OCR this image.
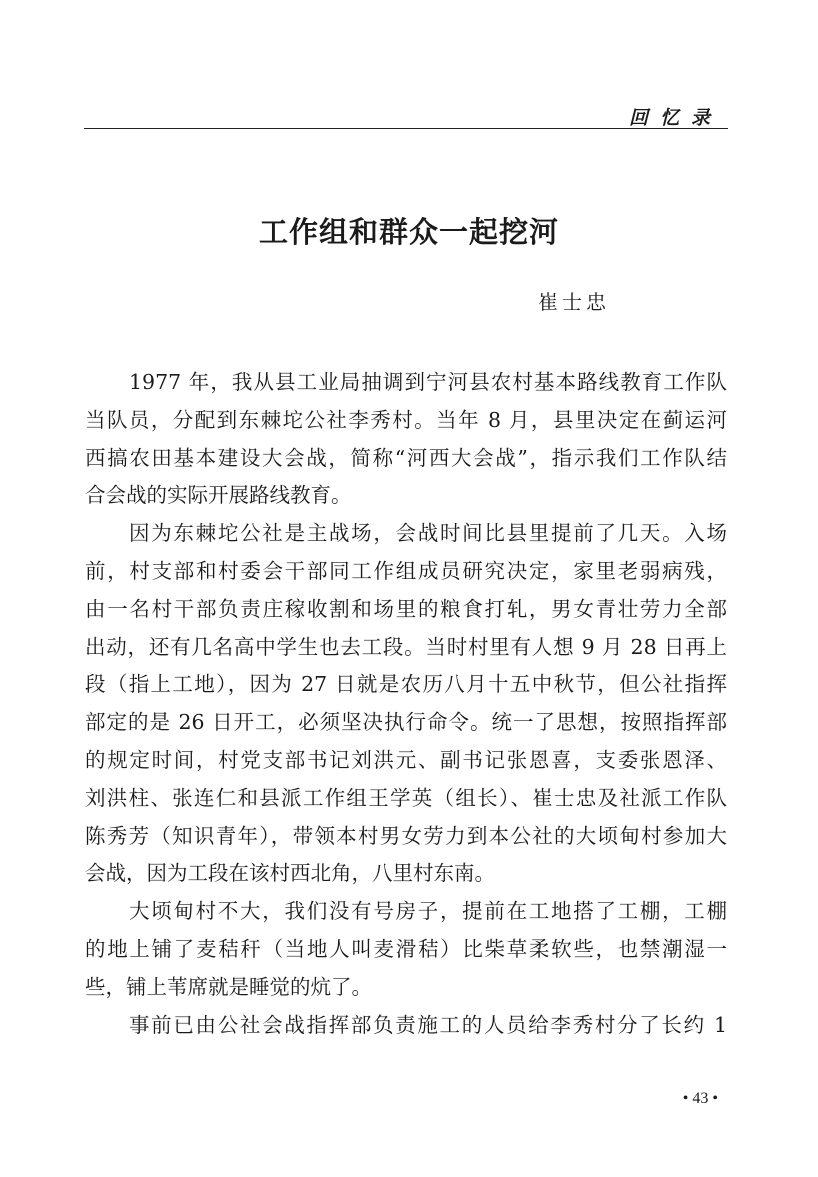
回忆录
工作组和群众一起挖河
崔士忠
1977 年，我从县工业局抽调到宁河县农村基本路线教育工作队
当队员，分配到东棘坨公社李秀村。当年 8 月，县里决定在蓟运河
西搞农田基本建设大会战，简称“河西大会战”，指示我们工作队结
合会战的实际开展路线教育。
因为东棘坨公社是主战场，会战时间比县里提前了几天。入场
前，村支部和村委会干部同工作组成员研究决定，家里老弱病残，
由一名村干部负责庄稼收割和场里的粮食打轧，男女青壮劳力全部
出动，还有几名高中学生也去工段。当时村里有人想 9 月 28 日再上
段（指上工地），因为 27 日就是农历八月十五中秋节，但公社指挥
部定的是 26 日开工，必须坚决执行命令。统一了思想，按照指挥部
的规定时间，村党支部书记刘洪元、副书记张恩喜，支委张恩泽、
刘洪柱、张连仁和县派工作组王学英（组长）、崔士忠及社派工作队
陈秀芳（知识青年），带领本村男女劳力到本公社的大顷甸村参加大
会战，因为工段在该村西北角，八里村东南。
大顷甸村不大，我们没有号房子，提前在工地搭了工棚，工棚
的地上铺了麦秸秆（当地人叫麦滑秸）比柴草柔软些，也禁潮湿一
些，铺上苇席就是睡觉的炕了。
事前已由公社会战指挥部负责施工的人员给李秀村分了长约 1
• 43 •
